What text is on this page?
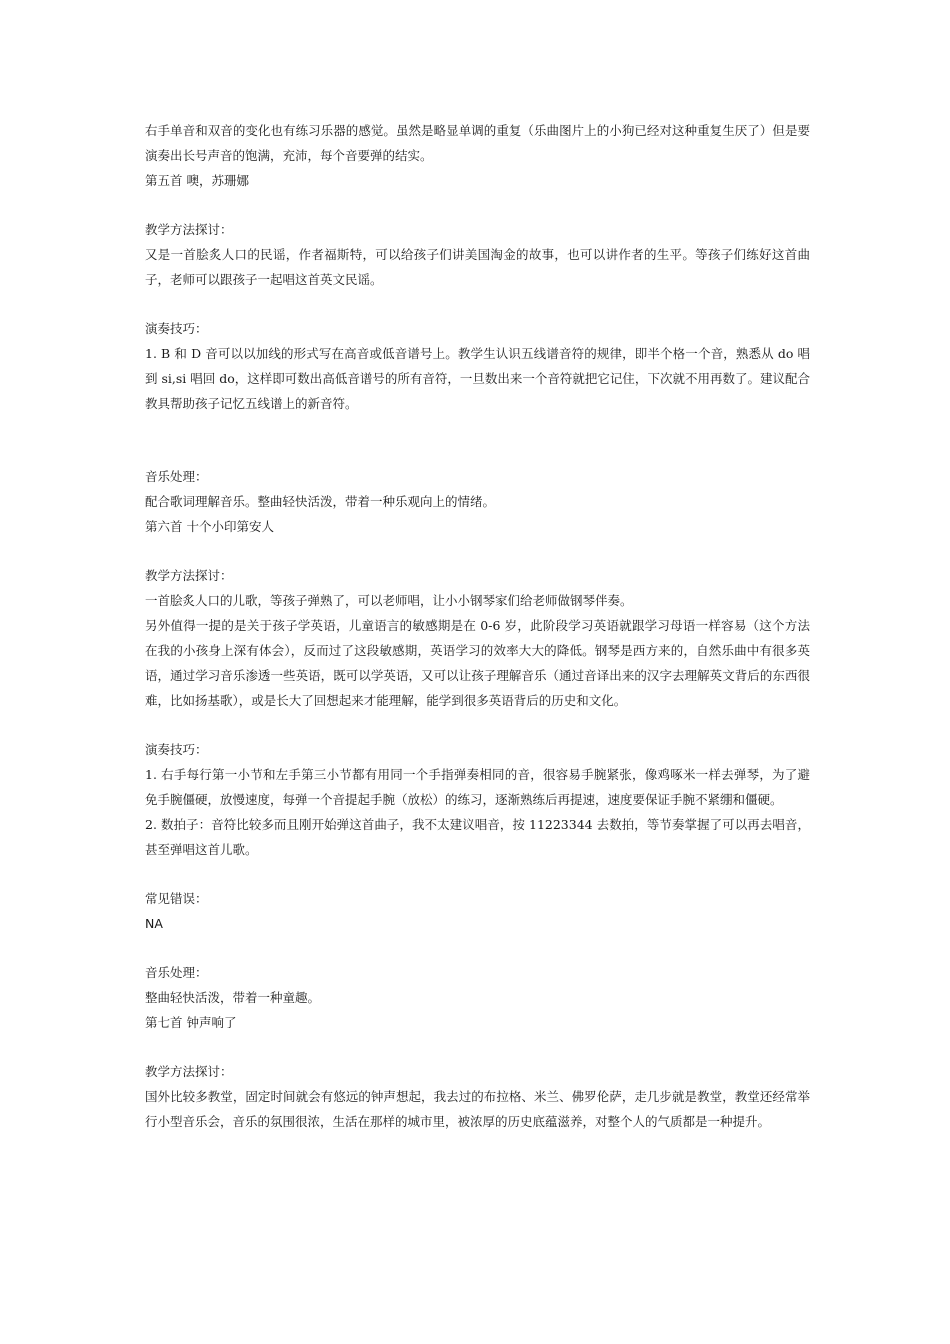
右手单音和双音的变化也有练习乐器的感觉。虽然是略显单调的重复（乐曲图片上的小狗已经对这种重复生厌了）但是要演奏出长号声音的饱满，充沛，每个音要弹的结实。
第五首 噢，苏珊娜
教学方法探讨：
又是一首脍炙人口的民谣，作者福斯特，可以给孩子们讲美国淘金的故事，也可以讲作者的生平。等孩子们练好这首曲子，老师可以跟孩子一起唱这首英文民谣。
演奏技巧：
1. B 和 D 音可以以加线的形式写在高音或低音谱号上。教学生认识五线谱音符的规律，即半个格一个音，熟悉从 do 唱到 si,si 唱回 do，这样即可数出高低音谱号的所有音符，一旦数出来一个音符就把它记住，下次就不用再数了。建议配合教具帮助孩子记忆五线谱上的新音符。
音乐处理：
配合歌词理解音乐。整曲轻快活泼，带着一种乐观向上的情绪。
第六首 十个小印第安人
教学方法探讨：
一首脍炙人口的儿歌，等孩子弹熟了，可以老师唱，让小小钢琴家们给老师做钢琴伴奏。
另外值得一提的是关于孩子学英语，儿童语言的敏感期是在 0-6 岁，此阶段学习英语就跟学习母语一样容易（这个方法在我的小孩身上深有体会），反而过了这段敏感期，英语学习的效率大大的降低。钢琴是西方来的，自然乐曲中有很多英语，通过学习音乐渗透一些英语，既可以学英语，又可以让孩子理解音乐（通过音译出来的汉字去理解英文背后的东西很难，比如扬基歌），或是长大了回想起来才能理解，能学到很多英语背后的历史和文化。
演奏技巧：
1. 右手每行第一小节和左手第三小节都有用同一个手指弹奏相同的音，很容易手腕紧张，像鸡啄米一样去弹琴，为了避免手腕僵硬，放慢速度，每弹一个音提起手腕（放松）的练习，逐渐熟练后再提速，速度要保证手腕不紧绷和僵硬。
2. 数拍子：音符比较多而且刚开始弹这首曲子，我不太建议唱音，按 11223344 去数拍，等节奏掌握了可以再去唱音，甚至弹唱这首儿歌。
常见错误：
NA
音乐处理：
整曲轻快活泼，带着一种童趣。
第七首 钟声响了
教学方法探讨：
国外比较多教堂，固定时间就会有悠远的钟声想起，我去过的布拉格、米兰、佛罗伦萨，走几步就是教堂，教堂还经常举行小型音乐会，音乐的氛围很浓，生活在那样的城市里，被浓厚的历史底蕴滋养，对整个人的气质都是一种提升。
